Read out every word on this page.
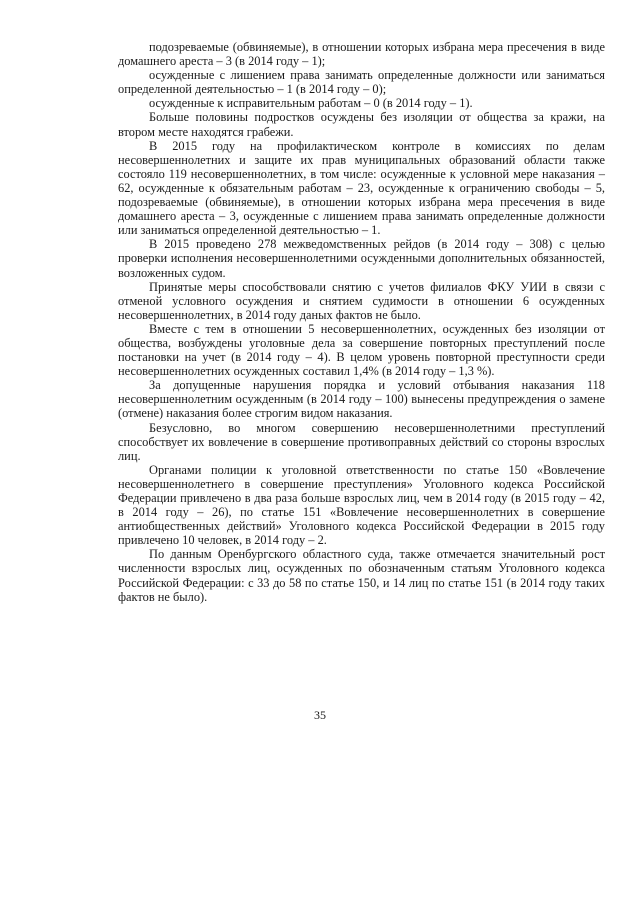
подозреваемые (обвиняемые), в отношении которых избрана мера пресечения в виде домашнего ареста – 3 (в 2014 году – 1);

осужденные с лишением права занимать определенные должности или заниматься определенной деятельностью – 1 (в 2014 году – 0);

осужденные к исправительным работам – 0 (в 2014 году – 1).

Больше половины подростков осуждены без изоляции от общества за кражи, на втором месте находятся грабежи.

В 2015 году на профилактическом контроле в комиссиях по делам несовершеннолетних и защите их прав муниципальных образований области также состояло 119 несовершеннолетних, в том числе: осужденные к условной мере наказания – 62, осужденные к обязательным работам – 23, осужденные к ограничению свободы – 5, подозреваемые (обвиняемые), в отношении которых избрана мера пресечения в виде домашнего ареста – 3, осужденные с лишением права занимать определенные должности или заниматься определенной деятельностью – 1.

В 2015 проведено 278 межведомственных рейдов (в 2014 году – 308) с целью проверки исполнения несовершеннолетними осужденными дополнительных обязанностей, возложенных судом.

Принятые меры способствовали снятию с учетов филиалов ФКУ УИИ в связи с отменой условного осуждения и снятием судимости в отношении 6 осужденных несовершеннолетних, в 2014 году даных фактов не было.

Вместе с тем в отношении 5 несовершеннолетних, осужденных без изоляции от общества, возбуждены уголовные дела за совершение повторных преступлений после постановки на учет (в 2014 году – 4). В целом уровень повторной преступности среди несовершеннолетних осужденных составил 1,4% (в 2014 году – 1,3 %).

За допущенные нарушения порядка и условий отбывания наказания 118 несовершеннолетним осужденным (в 2014 году – 100) вынесены предупреждения о замене (отмене) наказания более строгим видом наказания.

Безусловно, во многом совершению несовершеннолетними преступлений способствует их вовлечение в совершение противоправных действий со стороны взрослых лиц.

Органами полиции к уголовной ответственности по статье 150 «Вовлечение несовершеннолетнего в совершение преступления» Уголовного кодекса Российской Федерации привлечено в два раза больше взрослых лиц, чем в 2014 году (в 2015 году – 42, в 2014 году – 26), по статье 151 «Вовлечение несовершеннолетних в совершение антиобщественных действий» Уголовного кодекса Российской Федерации в 2015 году привлечено 10 человек, в 2014 году – 2.

По данным Оренбургского областного суда, также отмечается значительный рост численности взрослых лиц, осужденных по обозначенным статьям Уголовного кодекса Российской Федерации: с 33 до 58 по статье 150, и 14 лиц по статье 151 (в 2014 году таких фактов не было).

35
